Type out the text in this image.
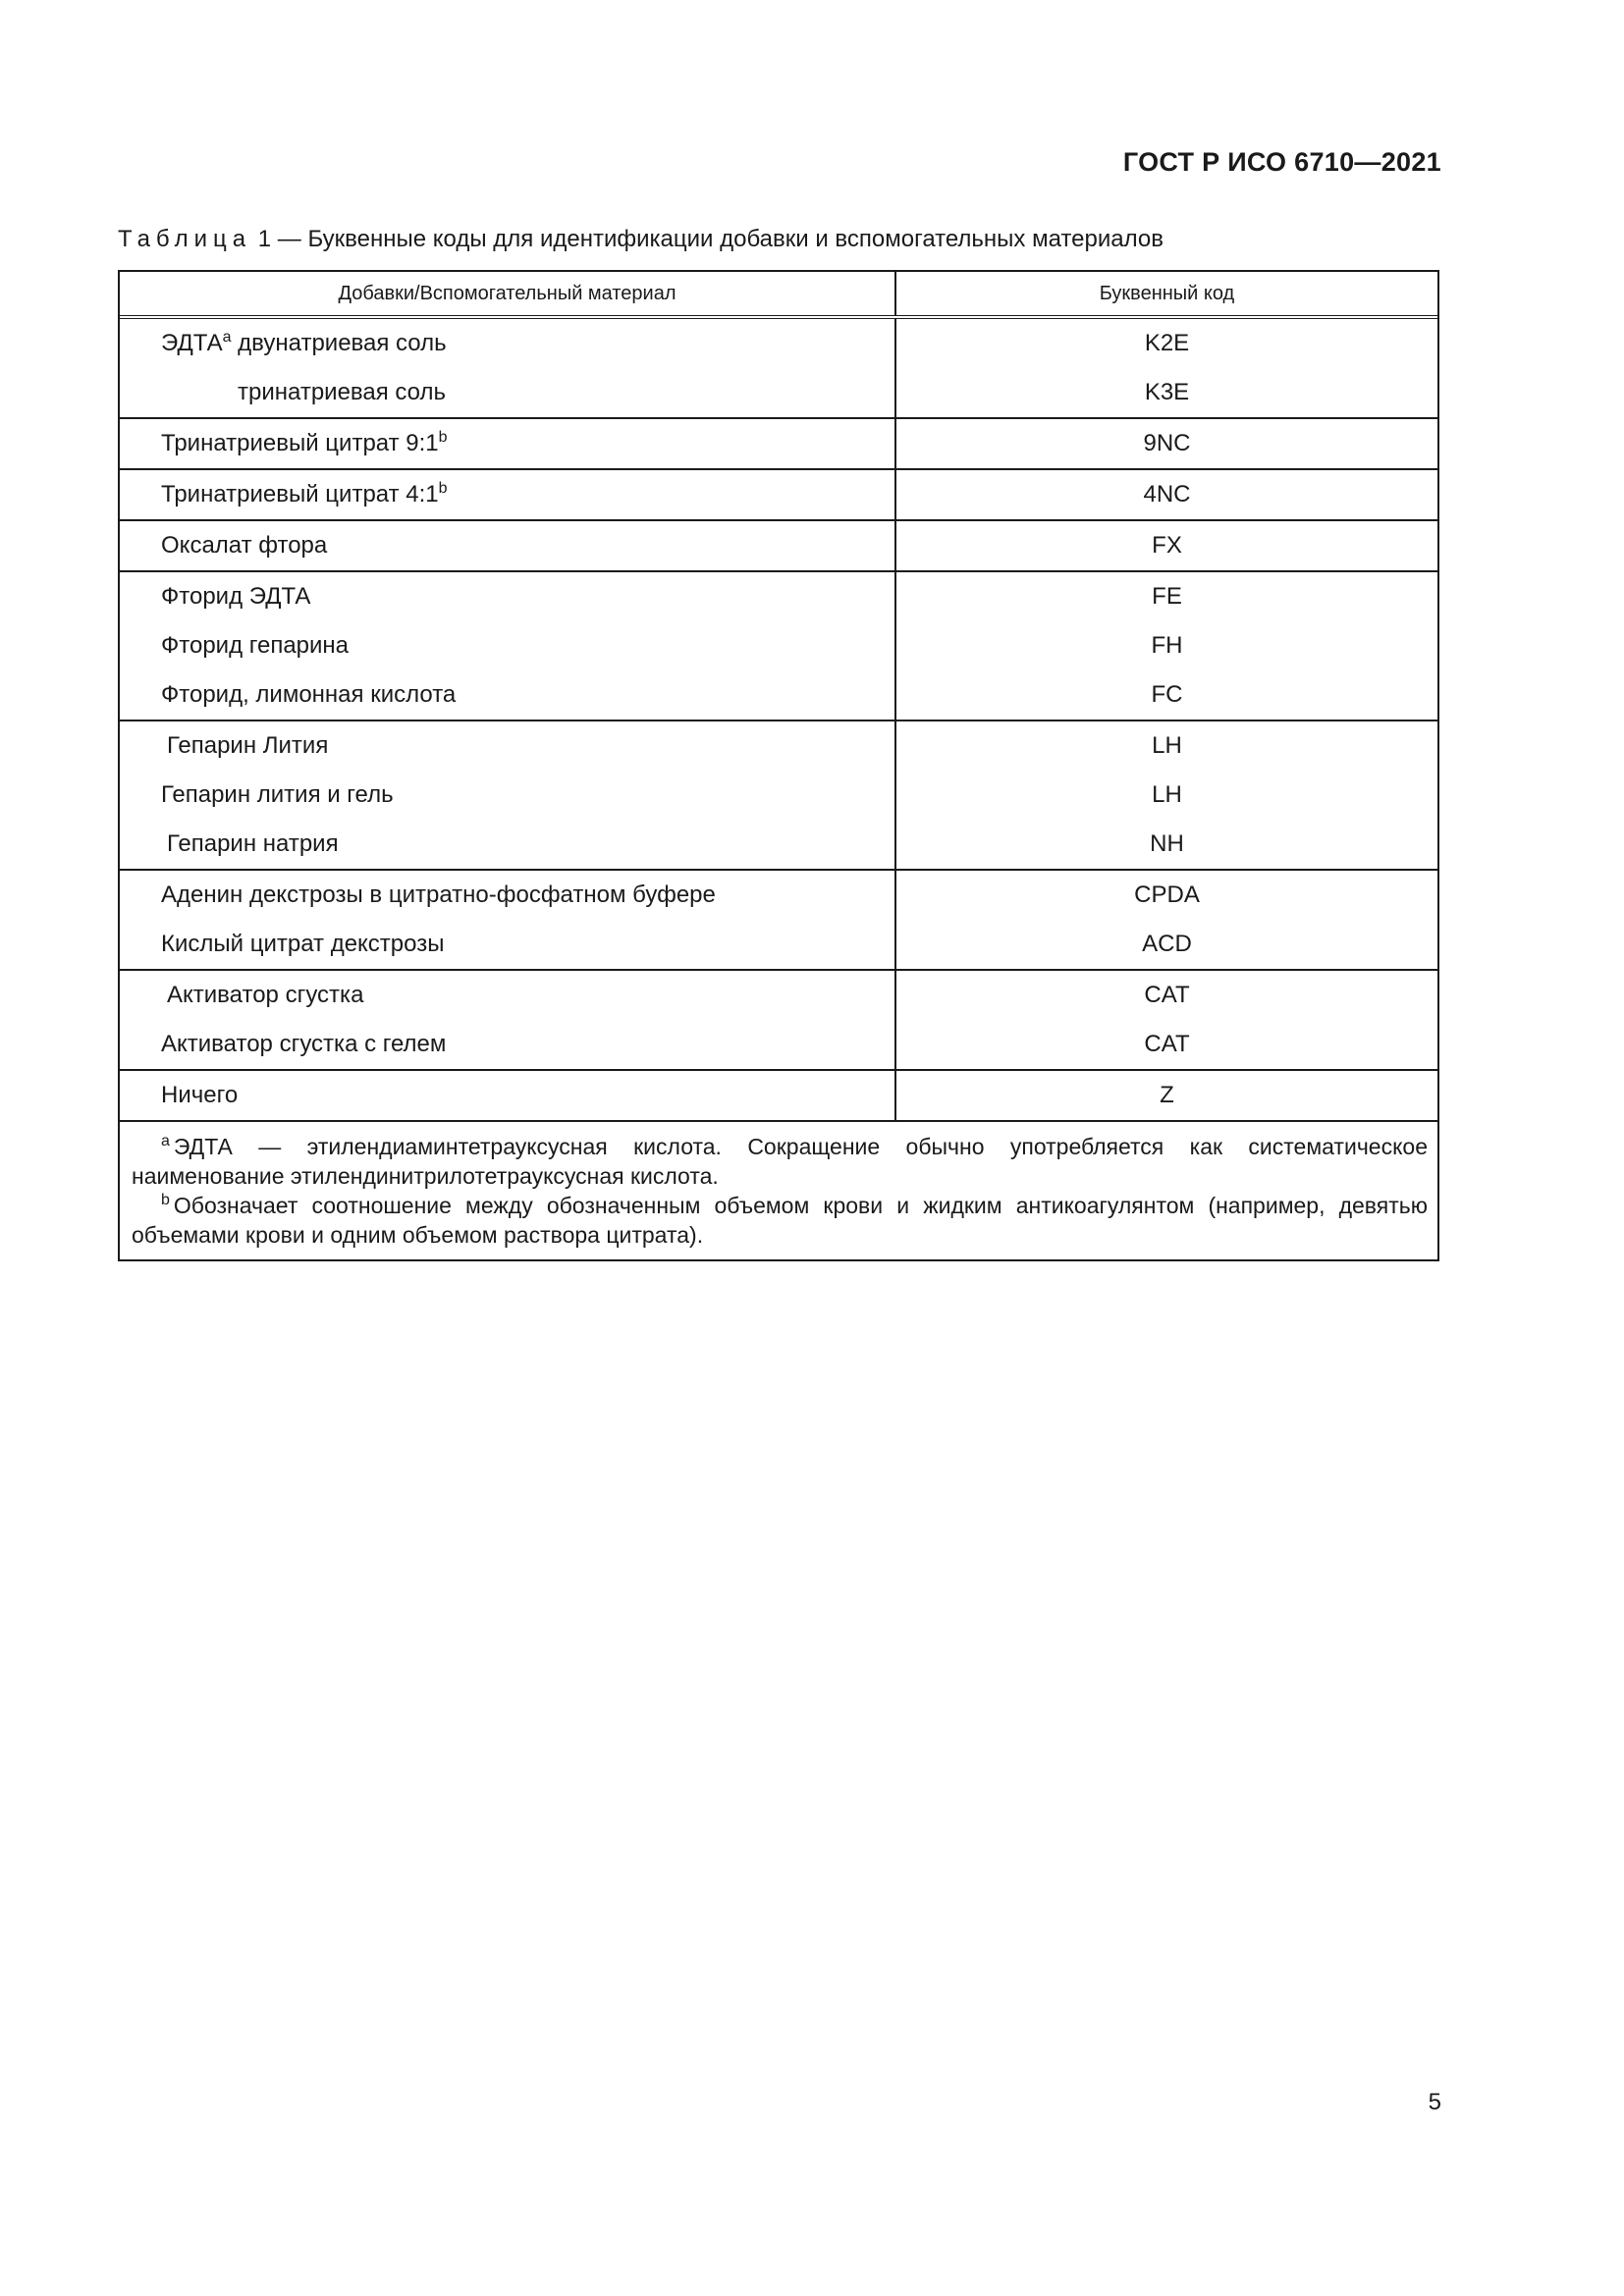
ГОСТ Р ИСО 6710—2021
Таблица 1 — Буквенные коды для идентификации добавки и вспомогательных материалов
Добавки/Вспомогательный материал	Буквенный код
ЭДТА$^a$ двунатриевая соль	K2E
тринатриевая соль	K3E
Тринатриевый цитрат 9:1$^b$	9NC
Тринатриевый цитрат 4:1$^b$	4NC
Оксалат фтора	FX
Фторид ЭДТА	FE
Фторид гепарина	FH
Фторид, лимонная кислота	FC
Гепарин Лития	LH
Гепарин лития и гель	LH
Гепарин натрия	NH
Аденин декстрозы в цитратно-фосфатном буфере	CPDA
Кислый цитрат декстрозы	ACD
Активатор сгустка	CAT
Активатор сгустка с гелем	CAT
Ничего	Z
$^a$ ЭДТА — этилендиаминтетрауксусная кислота. Сокращение обычно употребляется как систематическое наименование этилендинитрилотетрауксусная кислота.
$^b$ Обозначает соотношение между обозначенным объемом крови и жидким антикоагулянтом (например, девятью объемами крови и одним объемом раствора цитрата).
5
